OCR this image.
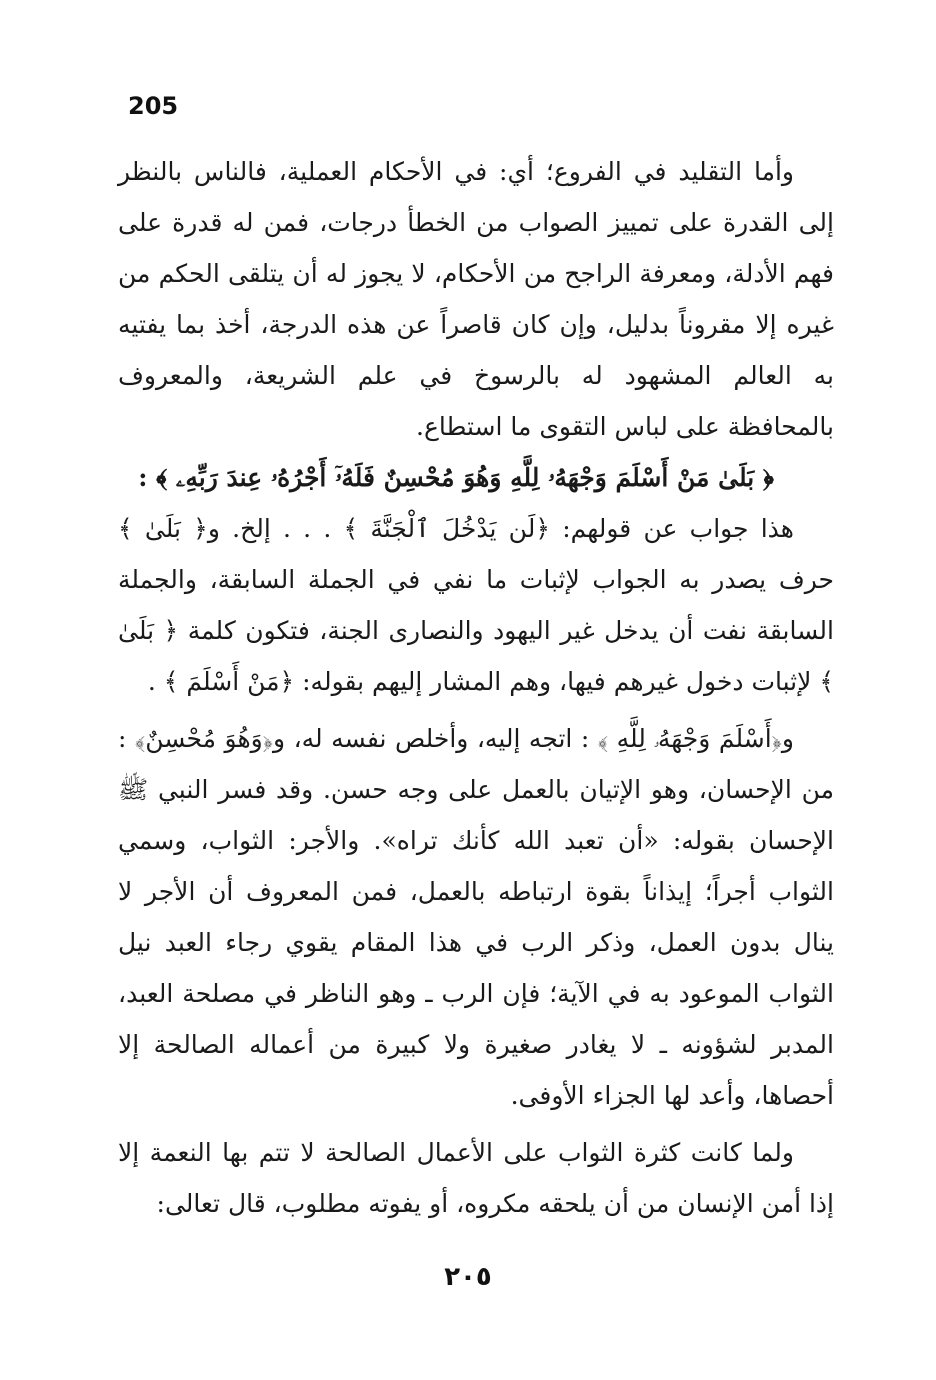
205

وأما التقليد في الفروع؛ أي: في الأحكام العملية، فالناس بالنظر إلى القدرة على تمييز الصواب من الخطأ درجات، فمن له قدرة على فهم الأدلة، ومعرفة الراجح من الأحكام، لا يجوز له أن يتلقى الحكم من غيره إلا مقروناً بدليل، وإن كان قاصراً عن هذه الدرجة، أخذ بما يفتيه به العالم المشهود له بالرسوخ في علم الشريعة، والمعروف بالمحافظة على لباس التقوى ما استطاع.

﴿ بَلَىٰ مَنْ أَسْلَمَ وَجْهَهُۥ لِلَّهِ وَهُوَ مُحْسِنٌ فَلَهُۥٓ أَجْرُهُۥ عِندَ رَبِّهِۦ ﴾ :

هذا جواب عن قولهم: ﴿لَن يَدْخُلَ ٱلْجَنَّةَ ﴾ . . . إلخ. و﴿ بَلَىٰ ﴾ حرف يصدر به الجواب لإثبات ما نفي في الجملة السابقة، والجملة السابقة نفت أن يدخل غير اليهود والنصارى الجنة، فتكون كلمة ﴿ بَلَىٰ ﴾ لإثبات دخول غيرهم فيها، وهم المشار إليهم بقوله: ﴿مَنْ أَسْلَمَ ﴾ .

و﴿أَسْلَمَ وَجْهَهُۥ لِلَّهِ ﴾ : اتجه إليه، وأخلص نفسه له، و﴿وَهُوَ مُحْسِنٌ﴾ : من الإحسان، وهو الإتيان بالعمل على وجه حسن. وقد فسر النبي ﷺ الإحسان بقوله: «أن تعبد الله كأنك تراه». والأجر: الثواب، وسمي الثواب أجراً؛ إيذاناً بقوة ارتباطه بالعمل، فمن المعروف أن الأجر لا ينال بدون العمل، وذكر الرب في هذا المقام يقوي رجاء العبد نيل الثواب الموعود به في الآية؛ فإن الرب ـ وهو الناظر في مصلحة العبد، المدبر لشؤونه ـ لا يغادر صغيرة ولا كبيرة من أعماله الصالحة إلا أحصاها، وأعد لها الجزاء الأوفى.

ولما كانت كثرة الثواب على الأعمال الصالحة لا تتم بها النعمة إلا إذا أمن الإنسان من أن يلحقه مكروه، أو يفوته مطلوب، قال تعالى:

٢٠٥
